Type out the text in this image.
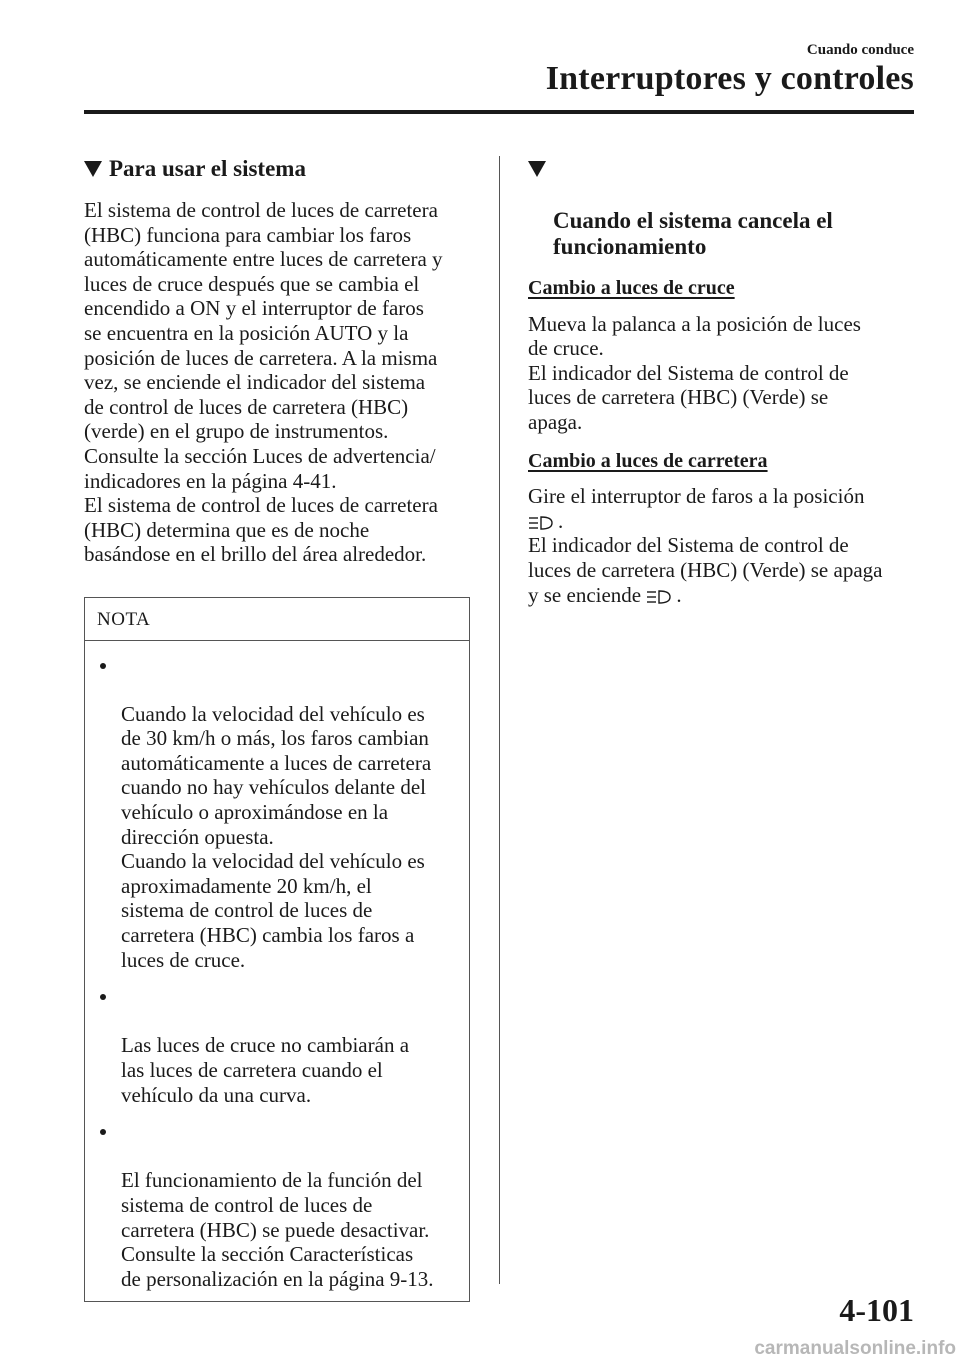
Cuando conduce
Interruptores y controles
Para usar el sistema

El sistema de control de luces de carretera
(HBC) funciona para cambiar los faros
automáticamente entre luces de carretera y
luces de cruce después que se cambia el
encendido a ON y el interruptor de faros
se encuentra en la posición AUTO y la
posición de luces de carretera. A la misma
vez, se enciende el indicador del sistema
de control de luces de carretera (HBC)
(verde) en el grupo de instrumentos.
Consulte la sección Luces de advertencia/
indicadores en la página 4-41.
El sistema de control de luces de carretera
(HBC) determina que es de noche
basándose en el brillo del área alrededor.

NOTA

Cuando la velocidad del vehículo es
de 30 km/h o más, los faros cambian
automáticamente a luces de carretera
cuando no hay vehículos delante del
vehículo o aproximándose en la
dirección opuesta.
Cuando la velocidad del vehículo es
aproximadamente 20 km/h, el
sistema de control de luces de
carretera (HBC) cambia los faros a
luces de cruce.

Las luces de cruce no cambiarán a
las luces de carretera cuando el
vehículo da una curva.

El funcionamiento de la función del
sistema de control de luces de
carretera (HBC) se puede desactivar.
Consulte la sección Características
de personalización en la página 9-13.

Cuando el sistema cancela el
funcionamiento

Cambio a luces de cruce

Mueva la palanca a la posición de luces
de cruce.
El indicador del Sistema de control de
luces de carretera (HBC) (Verde) se
apaga.

Cambio a luces de carretera

Gire el interruptor de faros a la posición
.

El indicador del Sistema de control de
luces de carretera (HBC) (Verde) se apaga

y se enciende .

4-101
carmanualsonline.info
